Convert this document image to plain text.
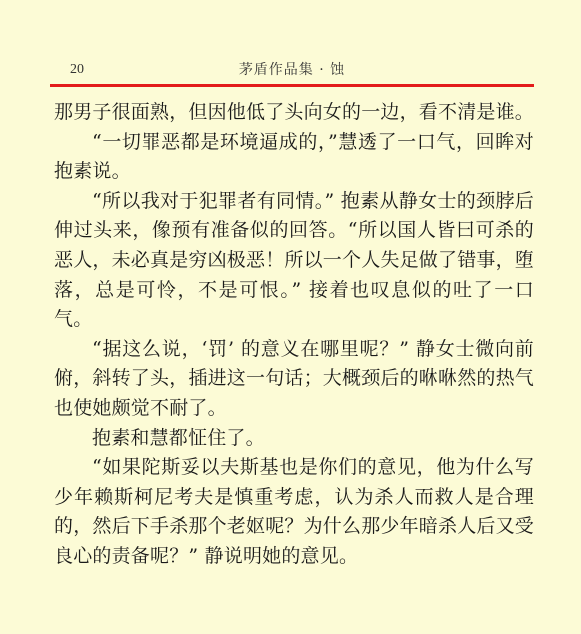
20	茅盾作品集 · 蚀

那男子很面熟，但因他低了头向女的一边，看不清是谁。

“一切罪恶都是环境逼成的，”慧透了一口气，回眸对抱素说。

“所以我对于犯罪者有同情。” 抱素从静女士的颈脖后伸过头来，像预有准备似的回答。“所以国人皆曰可杀的恶人，未必真是穷凶极恶！所以一个人失足做了错事，堕落，总是可怜，不是可恨。” 接着也叹息似的吐了一口气。

“据这么说，‘罚’ 的意义在哪里呢？” 静女士微向前俯，斜转了头，插进这一句话；大概颈后的咻咻然的热气也使她颇觉不耐了。

抱素和慧都怔住了。

“如果陀斯妥以夫斯基也是你们的意见，他为什么写少年赖斯柯尼考夫是慎重考虑，认为杀人而救人是合理的，然后下手杀那个老妪呢？为什么那少年暗杀人后又受良心的责备呢？” 静说明她的意见。
